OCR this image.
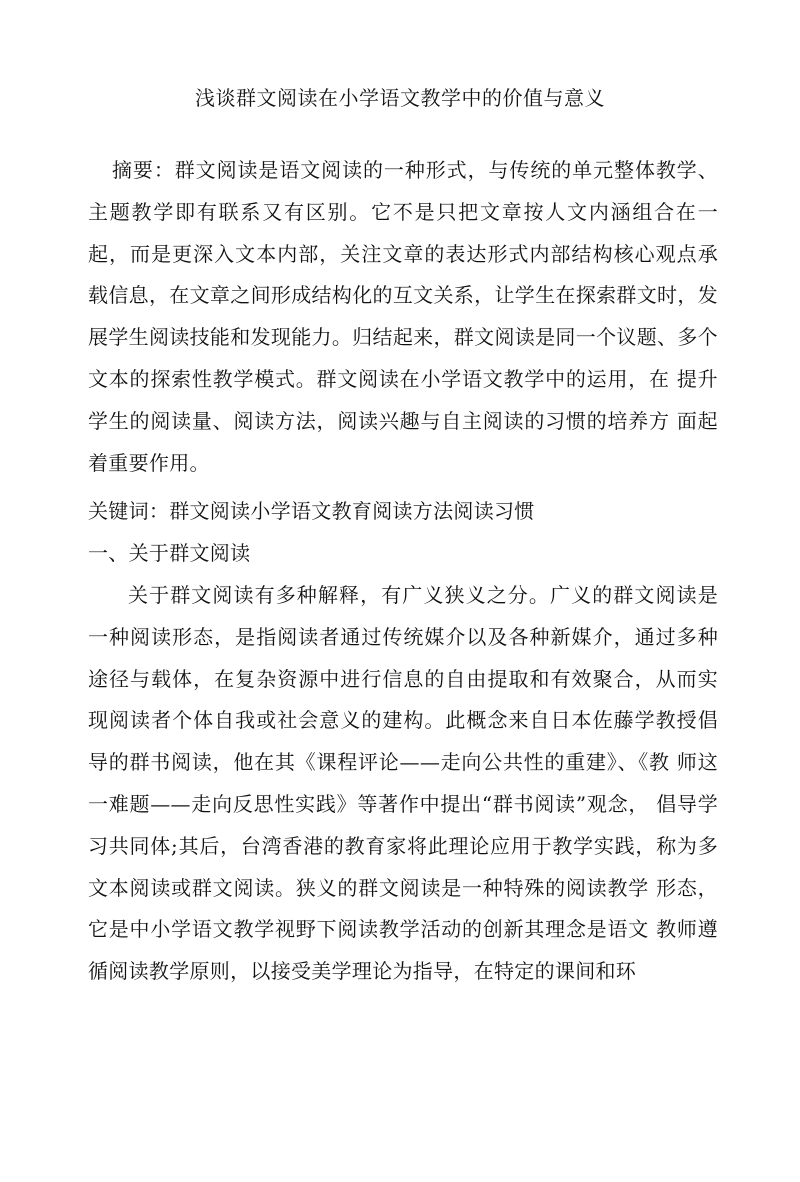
浅谈群文阅读在小学语文教学中的价值与意义

摘要：群文阅读是语文阅读的一种形式，与传统的单元整体教学、主题教学即有联系又有区别。它不是只把文章按人文内涵组合在一 起，而是更深入文本内部，关注文章的表达形式内部结构核心观点承 载信息，在文章之间形成结构化的互文关系，让学生在探索群文时，发展学生阅读技能和发现能力。归结起来，群文阅读是同一个议题、多个文本的探索性教学模式。群文阅读在小学语文教学中的运用，在 提升学生的阅读量、阅读方法，阅读兴趣与自主阅读的习惯的培养方 面起着重要作用。

关键词：群文阅读小学语文教育阅读方法阅读习惯

一、关于群文阅读

关于群文阅读有多种解释，有广义狭义之分。广义的群文阅读是 一种阅读形态，是指阅读者通过传统媒介以及各种新媒介，通过多种 途径与载体，在复杂资源中进行信息的自由提取和有效聚合，从而实 现阅读者个体自我或社会意义的建构。此概念来自日本佐藤学教授倡 导的群书阅读，他在其《课程评论——走向公共性的重建》、《教 师这一难题——走向反思性实践》等著作中提出“群书阅读”观念， 倡导学习共同体;其后，台湾香港的教育家将此理论应用于教学实践，称为多文本阅读或群文阅读。狭义的群文阅读是一种特殊的阅读教学 形态，它是中小学语文教学视野下阅读教学活动的创新其理念是语文 教师遵循阅读教学原则，以接受美学理论为指导，在特定的课间和环
